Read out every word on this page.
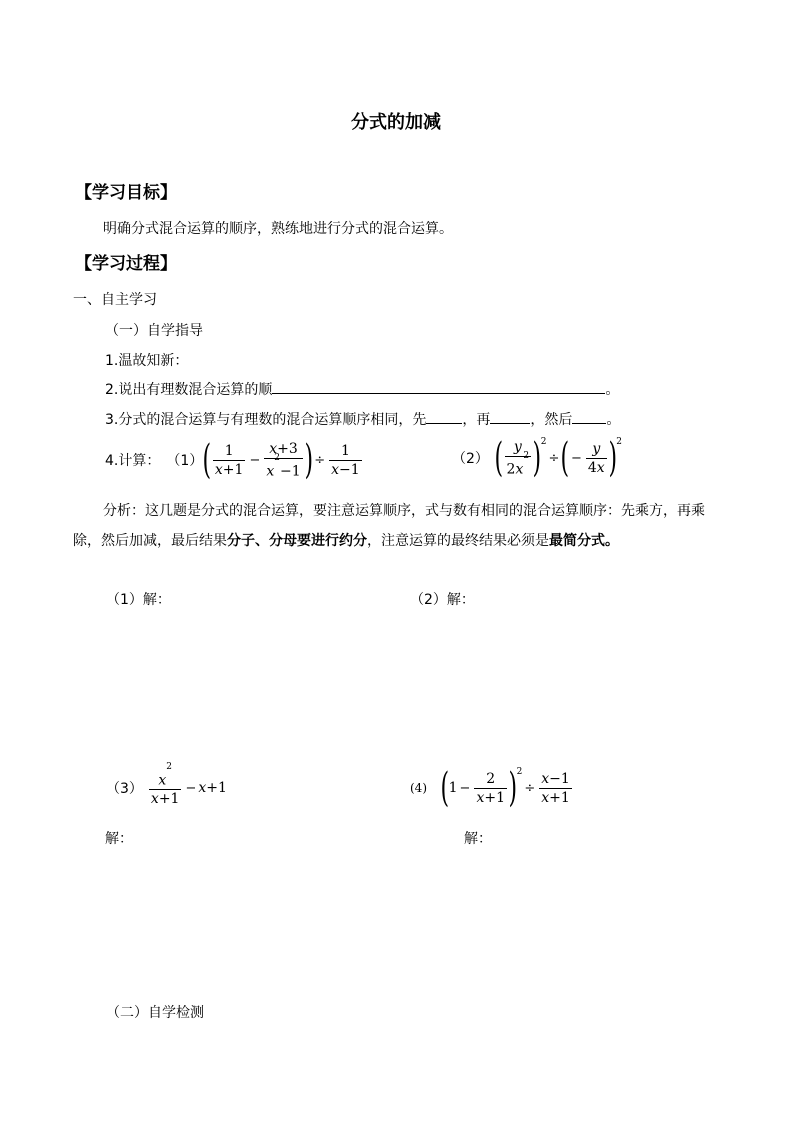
分式的加减
【学习目标】
明确分式混合运算的顺序，熟练地进行分式的混合运算。
【学习过程】
一、自主学习
（一）自学指导
1.温故知新：
2.说出有理数混合运算的顺	。
3.分式的混合运算与有理数的混合运算顺序相同，先	，再	，然后 。
4.计算： （1） ( $\frac{1}{x+1} - \frac{x+3}{x^2-1}$ ) ÷ $\frac{1}{x-1}$	（2） ( $\frac{y}{2x^2}$ ) 2
÷ ( − $\frac{y}{4x}$ ) 2
分析：这几题是分式的混合运算，要注意运算顺序，式与数有相同的混合运算顺序：先乘方，再乘除，然后加减，最后结果分子、分母要进行约分，注意运算的最终结果必须是最简分式。
（1）解：	（2）解：
$(3) \frac{x^2}{x+1} - x +1$	(4) ( $1 - \frac{2}{x+1}$ ) 2
÷ $\frac{x-1}{x+1}$
解：	解：
（二）自学检测
